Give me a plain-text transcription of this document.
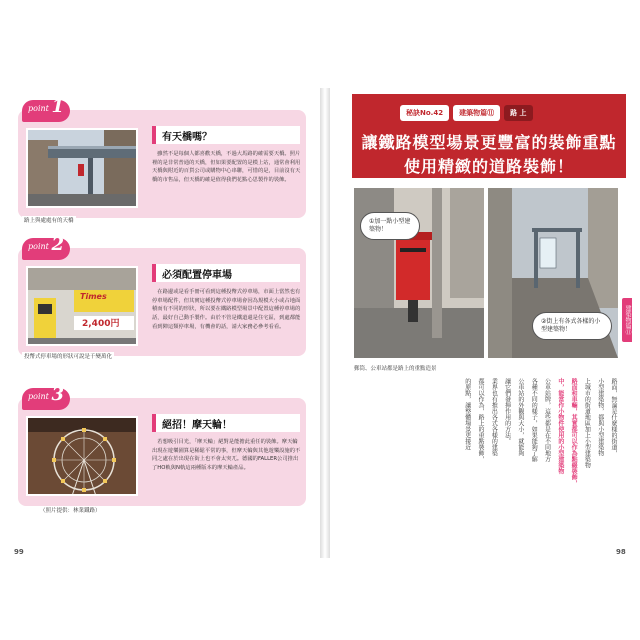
point 1
有天橋嗎？
雖然不是每個人都喜歡天橋，不過大馬路的確需要天橋。照片裡的是非常普通的天橋，但如果要配置的是模上站，通常會利用天橋與附近的百貨公司或購物中心串聯，可惜的是，目前沒有天橋的市售品，但天橋的確是值得我們花點心思製作的裝飾。
路上與處處有的天橋
point 2
Times
2,400円
必須配置停車場
在路邊或是看手冊可看到這種投幣式停車場，市面上當然也有停車場配件，但其實這種投幣式停車場會因為規模大小或占地面積而有不同的形狀，所以要在鐵路模型場景中配置這種停車場的話，最好自己動手製作。由於不管是鐵道還是住宅區，到處都能看到陣這類停車場，有機會的話，請大家務必參考看看。
投幣式停車場的形狀可說是千變萬化
point 3
絕招！摩天輪！
若想吸引目光，「摩天輪」絕對是能擔此重任的裝飾。摩天輪出現在遊樂園算是稀鬆平常的事，但摩天輪與其他遊樂設施的不同之處在於出現在街上也不會太突兀。德國的FALLER公司推出了HO軌與N軌這兩種版本的摩天輪產品。
（照片提供：林業鐵路）
99
秘訣No.42	建築物篇⑪	路 上
讓鐵路模型場景更豐富的裝飾重點
使用精緻的道路裝飾！
①加一點小型建築物！
②街上有各式各樣的小型建築物！
郵筒、公車站都是路上的重點造景
建築物篇⑪
路面，無論是什麼樣的街道，
小型建築物，都與小型建築物
上城市的街道地區加上小型建築物
路面和車輛，其實都可以作為點綴裝飾，
中，能當作小物件使用的小型建築物
公車站牌，這些都是在不同地方
各種不同的樣子，如果能夠了解
公車站的外觀與大小，就能夠
讓它們發揮作用的方法。
業界也有推出各式各樣的建築
都可以作為，路上的重點裝飾，
的原點，讓整體場景更接近
98
